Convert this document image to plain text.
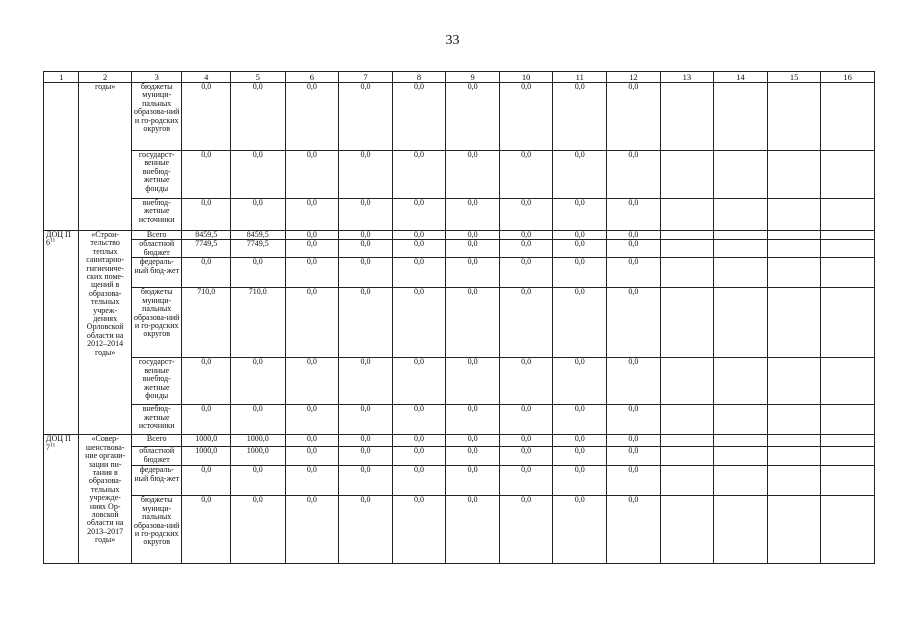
33
1	2	3	4	5	6	7	8	9	10	11	12	13	14	15	16
	годы»	бюджеты муници-пальных образова-ний и го-родских округов	0,0	0,0	0,0	0,0	0,0	0,0	0,0	0,0	0,0				
		государст-венные внебюд-жетные фонды	0,0	0,0	0,0	0,0	0,0	0,0	0,0	0,0	0,0				
		внебюд-жетные источники	0,0	0,0	0,0	0,0	0,0	0,0	0,0	0,0	0,0				
ДОЦ П $6^{11}$	«Строи-тельство теплых санитарно-гигиениче-ских поме-щений в образова-тельных учреж-дениях Орловской области на 2012–2014 годы»	Всего	8459,5	8459,5	0,0	0,0	0,0	0,0	0,0	0,0	0,0				
		областной бюджет	7749,5	7749,5	0,0	0,0	0,0	0,0	0,0	0,0	0,0				
		федераль-ный бюд-жет	0,0	0,0	0,0	0,0	0,0	0,0	0,0	0,0	0,0				
		бюджеты муници-пальных образова-ний и го-родских округов	710,0	710,0	0,0	0,0	0,0	0,0	0,0	0,0	0,0				
		государст-венные внебюд-жетные фонды	0,0	0,0	0,0	0,0	0,0	0,0	0,0	0,0	0,0				
		внебюд-жетные источники	0,0	0,0	0,0	0,0	0,0	0,0	0,0	0,0	0,0				
ДОЦ П $7^{11}$	«Совер-шенствова-ние органи-зации пи-тания в образова-тельных учрежде-ниях Ор-ловской области на 2013–2017 годы»	Всего	1000,0	1000,0	0,0	0,0	0,0	0,0	0,0	0,0	0,0				
		областной бюджет	1000,0	1000,0	0,0	0,0	0,0	0,0	0,0	0,0	0,0				
		федераль-ный бюд-жет	0,0	0,0	0,0	0,0	0,0	0,0	0,0	0,0	0,0				
		бюджеты муници-пальных образова-ний и го-родских округов	0,0	0,0	0,0	0,0	0,0	0,0	0,0	0,0	0,0				
